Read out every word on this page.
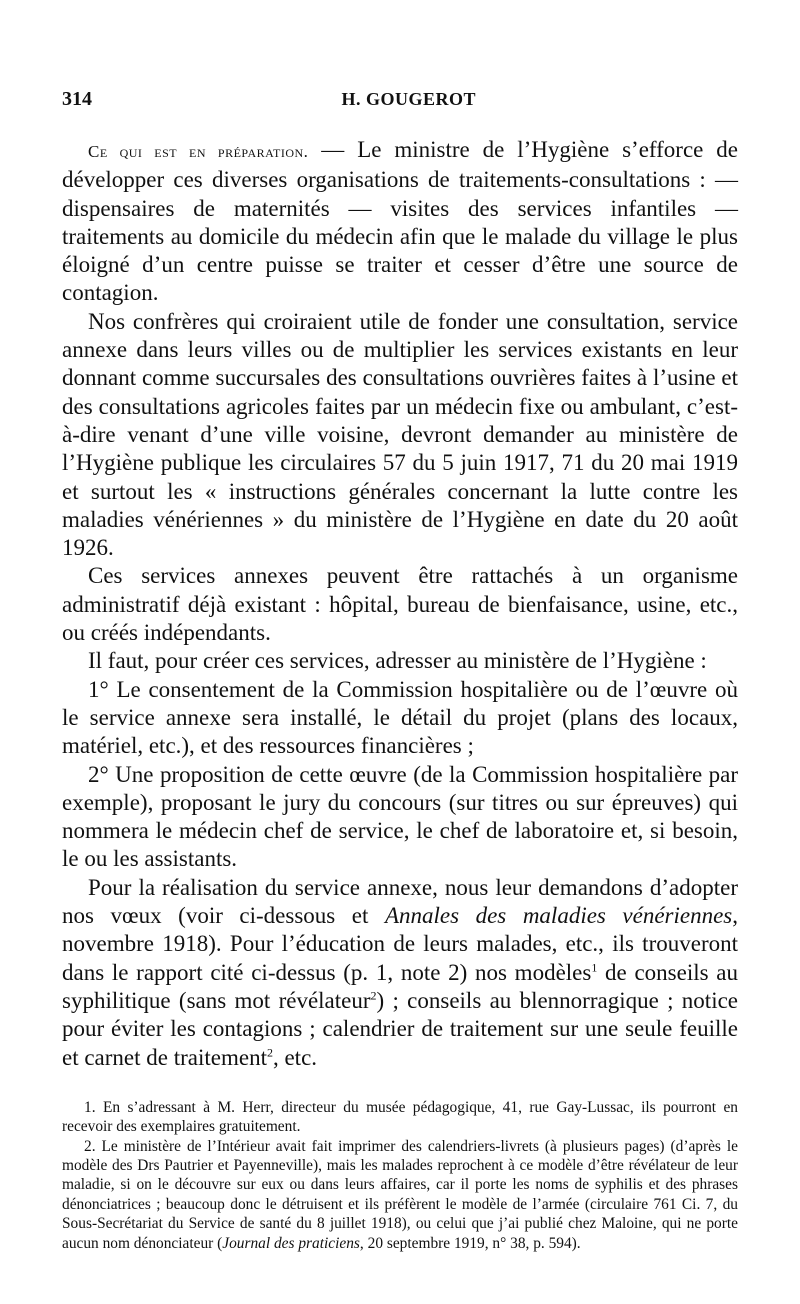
314	H. GOUGEROT

Ce qui est en préparation. — Le ministre de l’Hygiène s’efforce de développer ces diverses organisations de traitements-consultations : — dispensaires de maternités — visites des services infantiles — traitements au domicile du médecin afin que le malade du village le plus éloigné d’un centre puisse se traiter et cesser d’être une source de contagion.

Nos confrères qui croiraient utile de fonder une consultation, service annexe dans leurs villes ou de multiplier les services existants en leur donnant comme succursales des consultations ouvrières faites à l’usine et des consultations agricoles faites par un médecin fixe ou ambulant, c’est-à-dire venant d’une ville voisine, devront demander au ministère de l’Hygiène publique les circulaires 57 du 5 juin 1917, 71 du 20 mai 1919 et surtout les « instructions générales concernant la lutte contre les maladies vénériennes » du ministère de l’Hygiène en date du 20 août 1926.

Ces services annexes peuvent être rattachés à un organisme administratif déjà existant : hôpital, bureau de bienfaisance, usine, etc., ou créés indépendants.

Il faut, pour créer ces services, adresser au ministère de l’Hygiène :

1° Le consentement de la Commission hospitalière ou de l’œuvre où le service annexe sera installé, le détail du projet (plans des locaux, matériel, etc.), et des ressources financières ;

2° Une proposition de cette œuvre (de la Commission hospitalière par exemple), proposant le jury du concours (sur titres ou sur épreuves) qui nommera le médecin chef de service, le chef de laboratoire et, si besoin, le ou les assistants.

Pour la réalisation du service annexe, nous leur demandons d’adopter nos vœux (voir ci-dessous et Annales des maladies vénériennes, novembre 1918). Pour l’éducation de leurs malades, etc., ils trouveront dans le rapport cité ci-dessus (p. 1, note 2) nos modèles$^1$ de conseils au syphilitique (sans mot révélateur$^2$) ; conseils au blennorragique ; notice pour éviter les contagions ; calendrier de traitement sur une seule feuille et carnet de traitement$^2$, etc.

1. En s’adressant à M. Herr, directeur du musée pédagogique, 41, rue Gay-Lussac, ils pourront en recevoir des exemplaires gratuitement.

2. Le ministère de l’Intérieur avait fait imprimer des calendriers-livrets (à plusieurs pages) (d’après le modèle des Drs Pautrier et Payenneville), mais les malades reprochent à ce modèle d’être révélateur de leur maladie, si on le découvre sur eux ou dans leurs affaires, car il porte les noms de syphilis et des phrases dénonciatrices ; beaucoup donc le détruisent et ils préfèrent le modèle de l’armée (circulaire 761 Ci. 7, du Sous-Secrétariat du Service de santé du 8 juillet 1918), ou celui que j’ai publié chez Maloine, qui ne porte aucun nom dénonciateur (Journal des praticiens, 20 septembre 1919, n° 38, p. 594).
